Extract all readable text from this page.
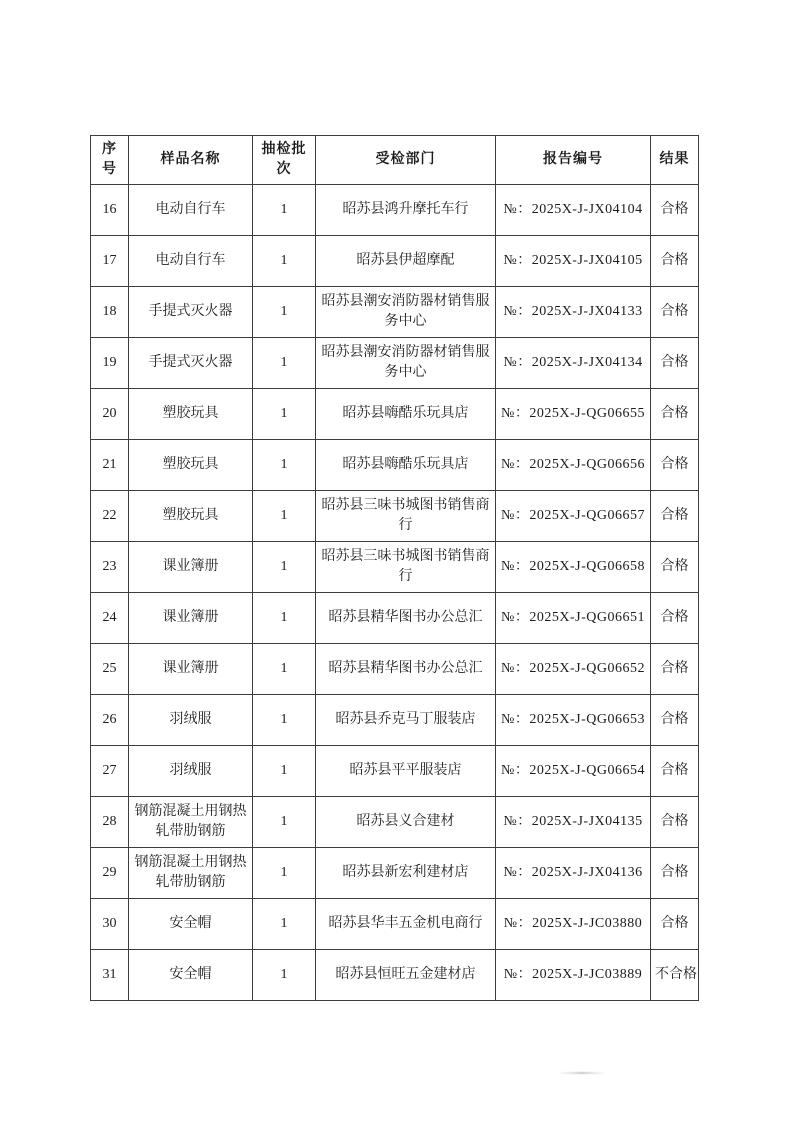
序号	样品名称	抽检批次	受检部门	报告编号	结果
16	电动自行车	1	昭苏县鸿升摩托车行	№：2025X-J-JX04104	合格
17	电动自行车	1	昭苏县伊超摩配	№：2025X-J-JX04105	合格
18	手提式灭火器	1	昭苏县潮安消防器材销售服务中心	№：2025X-J-JX04133	合格
19	手提式灭火器	1	昭苏县潮安消防器材销售服务中心	№：2025X-J-JX04134	合格
20	塑胶玩具	1	昭苏县嗨酷乐玩具店	№：2025X-J-QG06655	合格
21	塑胶玩具	1	昭苏县嗨酷乐玩具店	№：2025X-J-QG06656	合格
22	塑胶玩具	1	昭苏县三味书城图书销售商行	№：2025X-J-QG06657	合格
23	课业簿册	1	昭苏县三味书城图书销售商行	№：2025X-J-QG06658	合格
24	课业簿册	1	昭苏县精华图书办公总汇	№：2025X-J-QG06651	合格
25	课业簿册	1	昭苏县精华图书办公总汇	№：2025X-J-QG06652	合格
26	羽绒服	1	昭苏县乔克马丁服装店	№：2025X-J-QG06653	合格
27	羽绒服	1	昭苏县平平服装店	№：2025X-J-QG06654	合格
28	钢筋混凝土用钢热轧带肋钢筋	1	昭苏县义合建材	№：2025X-J-JX04135	合格
29	钢筋混凝土用钢热轧带肋钢筋	1	昭苏县新宏利建材店	№：2025X-J-JX04136	合格
30	安全帽	1	昭苏县华丰五金机电商行	№：2025X-J-JC03880	合格
31	安全帽	1	昭苏县恒旺五金建材店	№：2025X-J-JC03889	不合格
